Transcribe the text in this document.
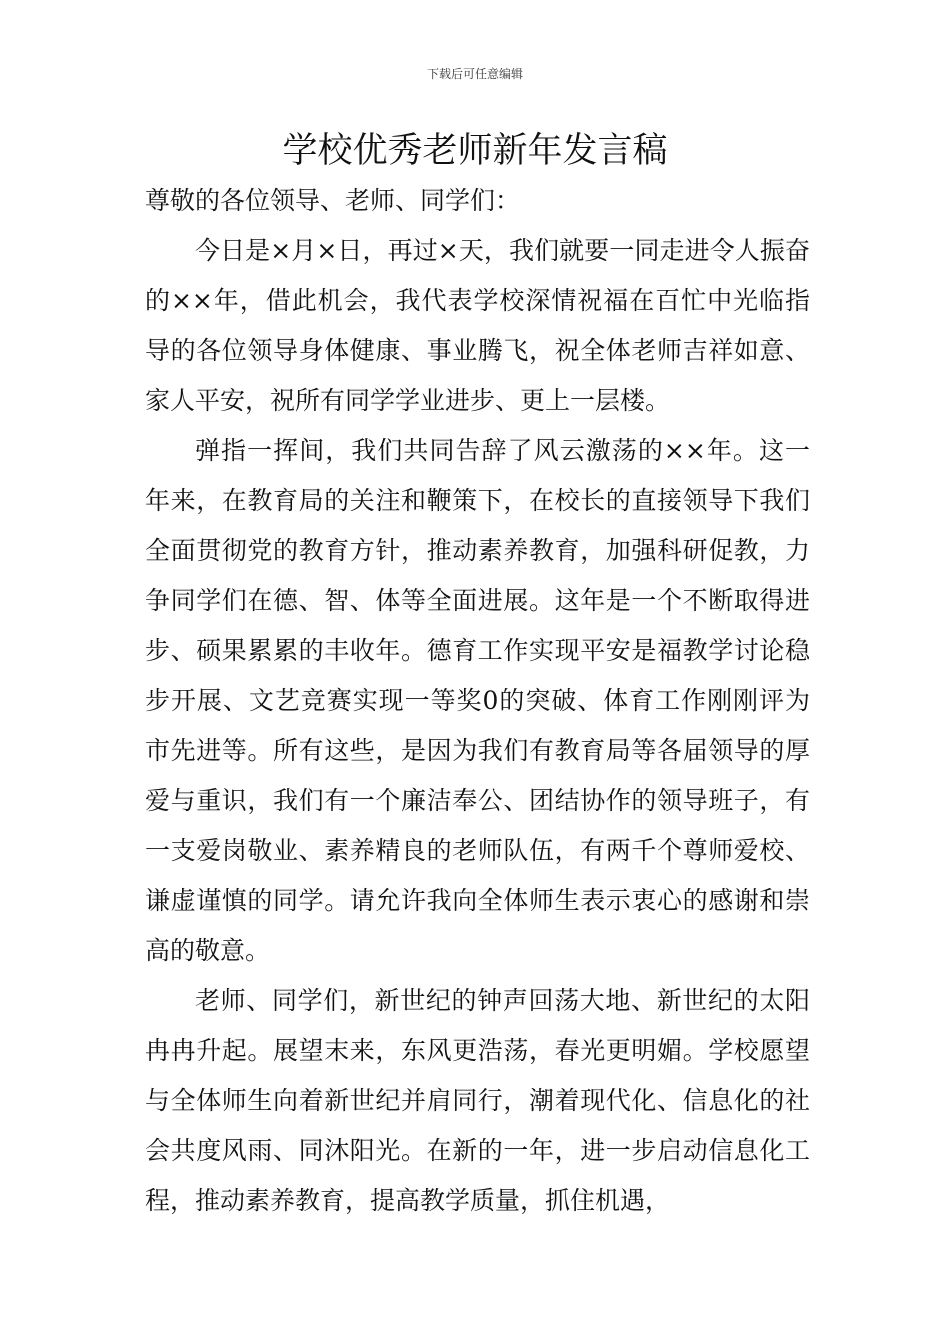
下载后可任意编辑
学校优秀老师新年发言稿

尊敬的各位领导、老师、同学们：

今日是×月×日，再过×天，我们就要一同走进令人振奋的××年，借此机会，我代表学校深情祝福在百忙中光临指导的各位领导身体健康、事业腾飞，祝全体老师吉祥如意、家人平安，祝所有同学学业进步、更上一层楼。

弹指一挥间，我们共同告辞了风云激荡的××年。这一年来，在教育局的关注和鞭策下，在校长的直接领导下我们全面贯彻党的教育方针，推动素养教育，加强科研促教，力争同学们在德、智、体等全面进展。这年是一个不断取得进步、硕果累累的丰收年。德育工作实现平安是福教学讨论稳步开展、文艺竞赛实现一等奖0的突破、体育工作刚刚评为市先进等。所有这些，是因为我们有教育局等各届领导的厚爱与重识，我们有一个廉洁奉公、团结协作的领导班子，有一支爱岗敬业、素养精良的老师队伍，有两千个尊师爱校、谦虚谨慎的同学。请允许我向全体师生表示衷心的感谢和崇高的敬意。

老师、同学们，新世纪的钟声回荡大地、新世纪的太阳冉冉升起。展望末来，东风更浩荡，春光更明媚。学校愿望与全体师生向着新世纪并肩同行，潮着现代化、信息化的社会共度风雨、同沐阳光。在新的一年，进一步启动信息化工程，推动素养教育，提高教学质量，抓住机遇，
